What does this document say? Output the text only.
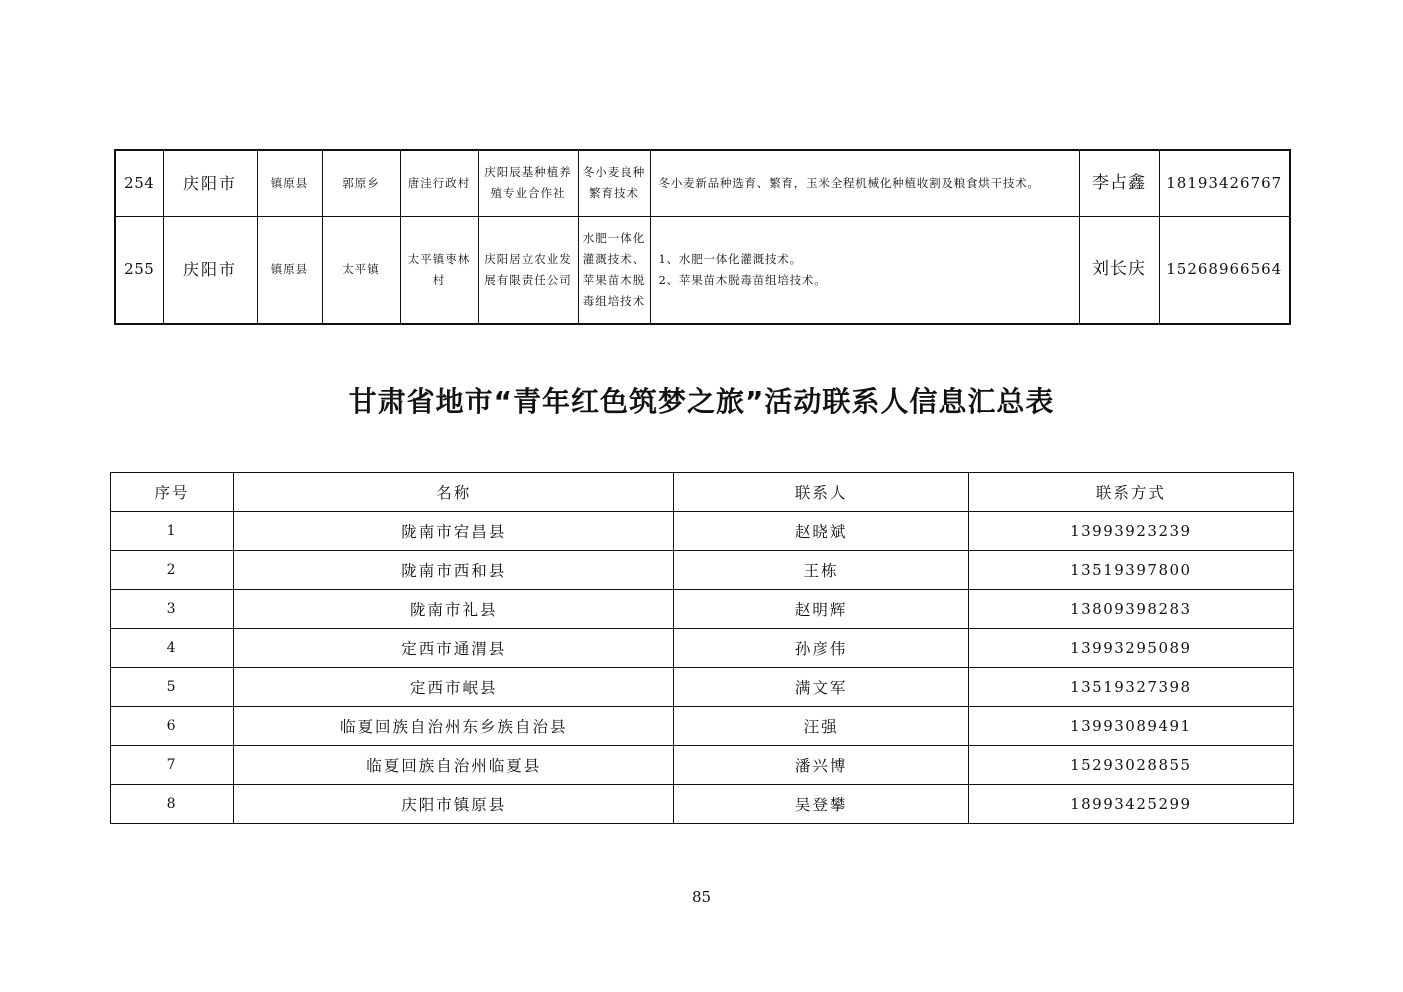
254	庆阳市	镇原县	郭原乡	唐洼行政村	庆阳辰基种植养殖专业合作社	冬小麦良种繁育技术	冬小麦新品种选育、繁育，玉米全程机械化种植收割及粮食烘干技术。	李占鑫	18193426767
255	庆阳市	镇原县	太平镇	太平镇枣林村	庆阳居立农业发展有限责任公司	水肥一体化灌溉技术、苹果苗木脱毒组培技术	1、水肥一体化灌溉技术。
2、苹果苗木脱毒苗组培技术。	刘长庆	15268966564
甘肃省地市“青年红色筑梦之旅”活动联系人信息汇总表
序号	名称	联系人	联系方式
1	陇南市宕昌县	赵晓斌	13993923239
2	陇南市西和县	王栋	13519397800
3	陇南市礼县	赵明辉	13809398283
4	定西市通渭县	孙彦伟	13993295089
5	定西市岷县	满文军	13519327398
6	临夏回族自治州东乡族自治县	汪强	13993089491
7	临夏回族自治州临夏县	潘兴博	15293028855
8	庆阳市镇原县	吴登攀	18993425299
85
